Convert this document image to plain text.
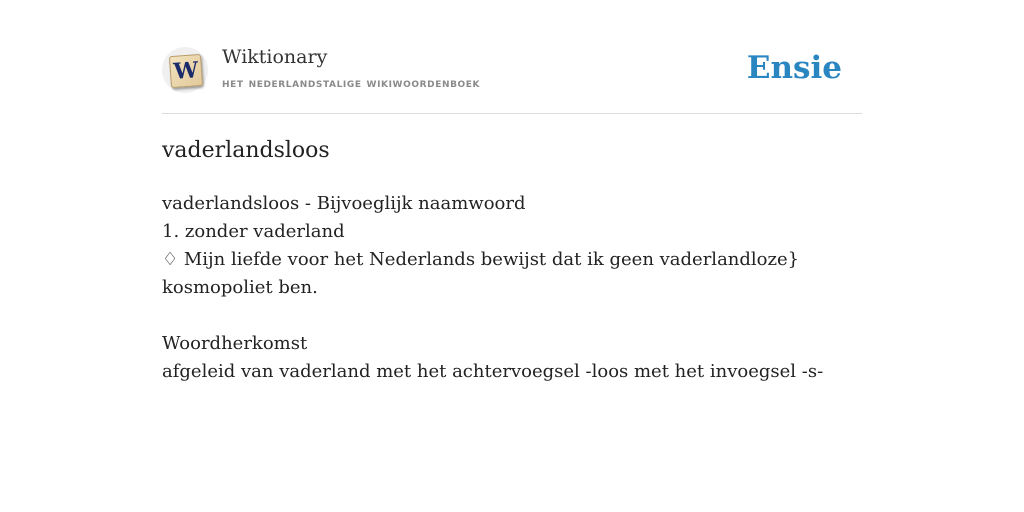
W
Wiktionary
het nederlandstalige wikiwoordenboek	Ensie
vaderlandsloos

vaderlandsloos - Bijvoeglijk naamwoord

1. zonder vaderland

♢ Mijn liefde voor het Nederlands bewijst dat ik geen vaderlandloze}

kosmopoliet ben.

Woordherkomst

afgeleid van vaderland met het achtervoegsel -loos met het invoegsel -s-
